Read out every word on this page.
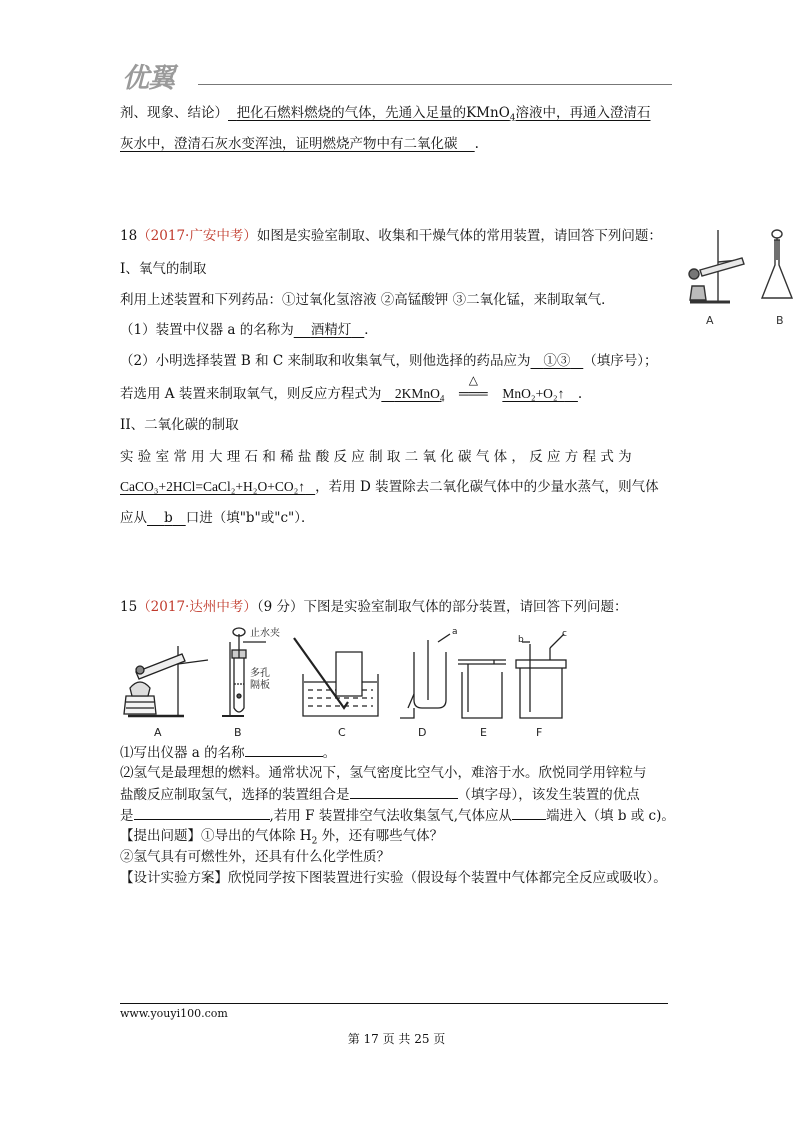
优翼
剂、现象、结论） 把化石燃料燃烧的气体，先通入足量的KMnO$_4$溶液中，再通入澄清石
灰水中，澄清石灰水变浑浊，证明燃烧产物中有二氧化碳 .
18（2017·广安中考）如图是实验室制取、收集和干燥气体的常用装置，请回答下列问题：
I、氧气的制取
利用上述装置和下列药品：①过氧化氢溶液 ②高锰酸钾 ③二氧化锰，来制取氧气．
（1）装置中仪器 a 的名称为 酒精灯 ．
（2）小明选择装置 B 和 C 来制取和收集氧气，则他选择的药品应为 ①③ （填序号）；
若选用 A 装置来制取氧气，则反应方程式为 2KMnO$_4$
△
═══ MnO₂+O₂↑ .
II、二氧化碳的制取
实 验 室 常 用 大 理 石 和 稀 盐 酸 反 应 制 取 二 氧 化 碳 气 体 ， 反 应 方 程 式 为
CaCO₃+2HCl=CaCl₂+H₂O+CO₂↑ ，若用 D 装置除去二氧化碳气体中的少量水蒸气，则气体
应从 b 口进（填"b"或"c"）．
A	B
15（2017·达州中考）（9 分）下图是实验室制取气体的部分装置，请回答下列问题：
止水夹
多孔
隔板
a
b
c
A	B	C	D	E	F
⑴写出仪器 a 的名称	。
⑵氢气是最理想的燃料。通常状况下，氢气密度比空气小，难溶于水。欣悦同学用锌粒与
盐酸反应制取氢气，选择的装置组合是	（填字母），该发生装置的优点
是	,若用 F 装置排空气法收集氢气,气体应从	端进入（填 b 或 c)。
【提出问题】①导出的气体除 $H_2$ 外，还有哪些气体？
②氢气具有可燃性外，还具有什么化学性质？
【设计实验方案】欣悦同学按下图装置进行实验（假设每个装置中气体都完全反应或吸收）。
www.youyi100.com
第 17 页 共 25 页
